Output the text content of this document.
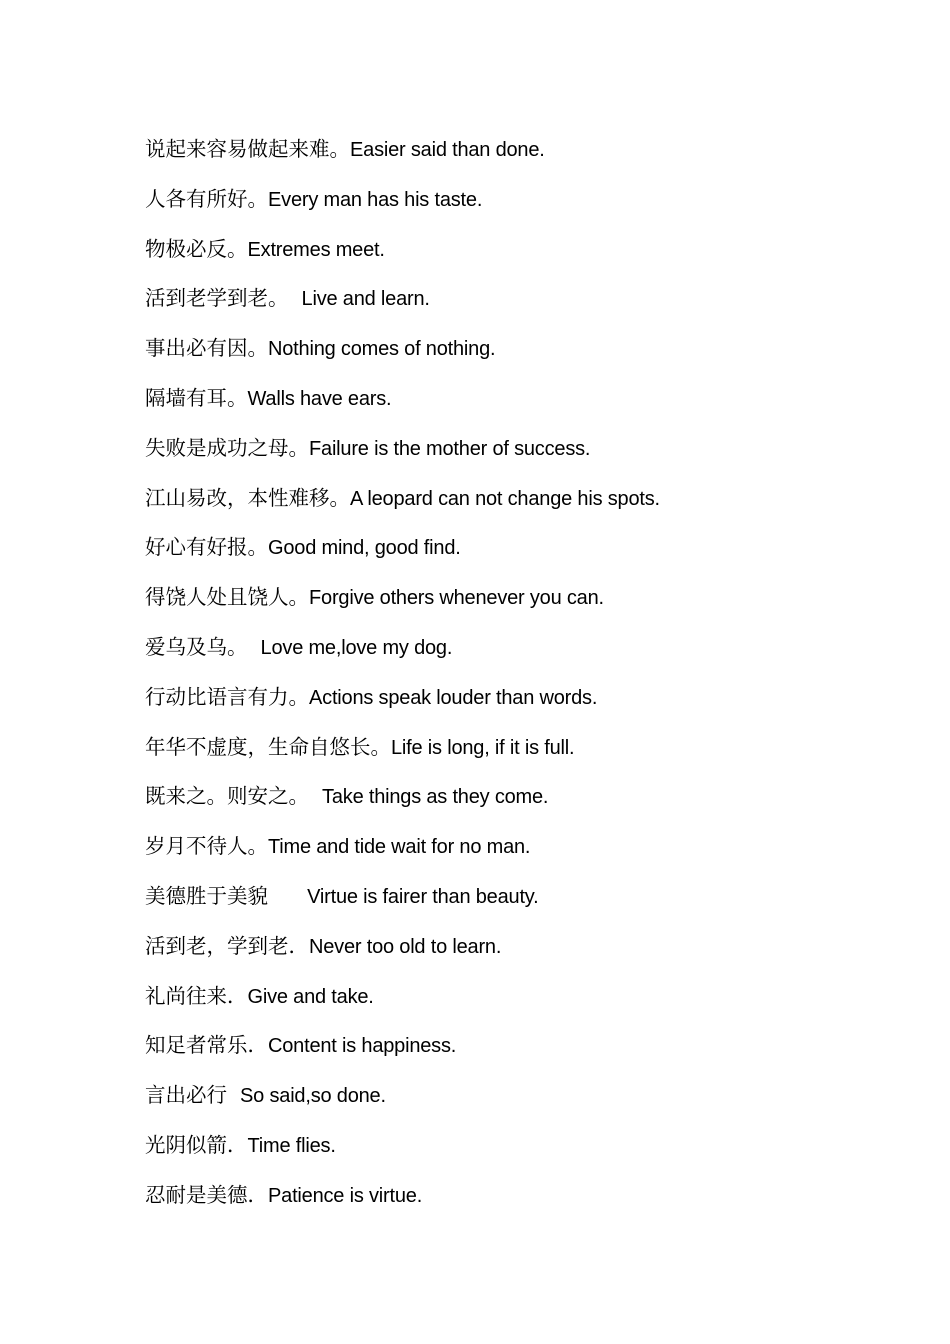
说起来容易做起来难。Easier said than done.
人各有所好。Every man has his taste.
物极必反。Extremes meet.
活到老学到老。  Live and learn.
事出必有因。Nothing comes of nothing.
隔墙有耳。Walls have ears.
失败是成功之母。Failure is the mother of success.
江山易改，本性难移。A leopard can not change his spots.
好心有好报。Good mind, good find.
得饶人处且饶人。Forgive others whenever you can.
爱乌及乌。  Love me,love my dog.
行动比语言有力。Actions speak louder than words.
年华不虚度，生命自悠长。Life is long, if it is full.
既来之。则安之。  Take things as they come.
岁月不待人。Time and tide wait for no man.
美德胜于美貌      Virtue is fairer than beauty.
活到老，学到老．Never too old to learn.
礼尚往来．Give and take.
知足者常乐．Content is happiness.
言出必行  So said,so done.
光阴似箭．Time flies.
忍耐是美德．Patience is virtue.
